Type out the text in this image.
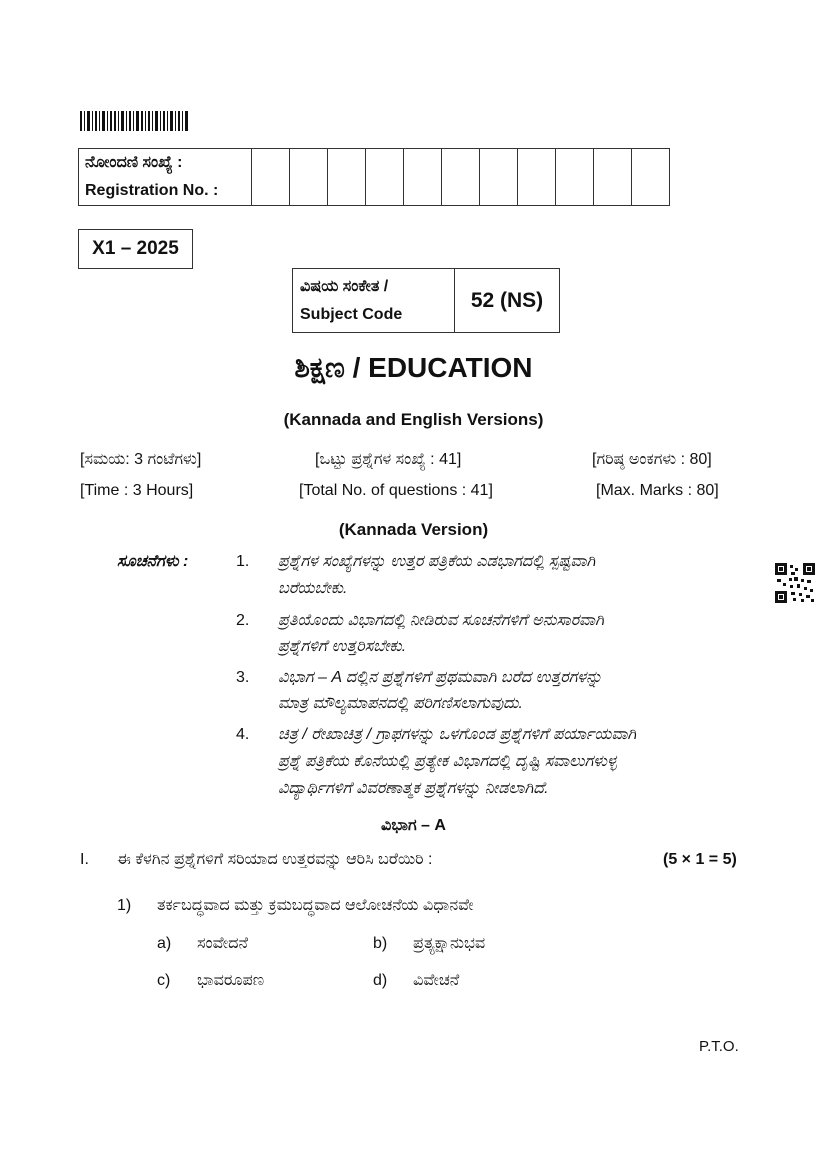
ನೋಂದಣಿ ಸಂಖ್ಯೆ :
Registration No. :

X1 – 2025
ವಿಷಯ ಸಂಕೇತ /
Subject Code
52 (NS)
ಶಿಕ್ಷಣ / EDUCATION
(Kannada and English Versions)
[ಸಮಯ: 3 ಗಂಟೆಗಳು]	[ಒಟ್ಟು ಪ್ರಶ್ನೆಗಳ ಸಂಖ್ಯೆ : 41]	[ಗರಿಷ್ಠ ಅಂಕಗಳು : 80]
[Time : 3 Hours]	[Total No. of questions : 41]	[Max. Marks : 80]
(Kannada Version)
ಸೂಚನೆಗಳು :	1. ಪ್ರಶ್ನೆಗಳ ಸಂಖ್ಯೆಗಳನ್ನು ಉತ್ತರ ಪತ್ರಿಕೆಯ ಎಡಭಾಗದಲ್ಲಿ ಸ್ಪಷ್ಟವಾಗಿ
ಬರೆಯಬೇಕು.
2. ಪ್ರತಿಯೊಂದು ವಿಭಾಗದಲ್ಲಿ ನೀಡಿರುವ ಸೂಚನೆಗಳಿಗೆ ಅನುಸಾರವಾಗಿ
ಪ್ರಶ್ನೆಗಳಿಗೆ ಉತ್ತರಿಸಬೇಕು.
3. ವಿಭಾಗ – A ದಲ್ಲಿನ ಪ್ರಶ್ನೆಗಳಿಗೆ ಪ್ರಥಮವಾಗಿ ಬರೆದ ಉತ್ತರಗಳನ್ನು
ಮಾತ್ರ ಮೌಲ್ಯಮಾಪನದಲ್ಲಿ ಪರಿಗಣಿಸಲಾಗುವುದು.
4. ಚಿತ್ರ / ರೇಖಾಚಿತ್ರ / ಗ್ರಾಫಗಳನ್ನು ಒಳಗೊಂಡ ಪ್ರಶ್ನೆಗಳಿಗೆ ಪರ್ಯಾಯವಾಗಿ
ಪ್ರಶ್ನೆ ಪತ್ರಿಕೆಯ ಕೊನೆಯಲ್ಲಿ ಪ್ರತ್ಯೇಕ ವಿಭಾಗದಲ್ಲಿ ದೃಷ್ಟಿ ಸವಾಲುಗಳುಳ್ಳ
ವಿದ್ಯಾರ್ಥಿಗಳಿಗೆ ವಿವರಣಾತ್ಮಕ ಪ್ರಶ್ನೆಗಳನ್ನು ನೀಡಲಾಗಿದೆ.
ವಿಭಾಗ – A
I. ಈ ಕೆಳಗಿನ ಪ್ರಶ್ನೆಗಳಿಗೆ ಸರಿಯಾದ ಉತ್ತರವನ್ನು ಆರಿಸಿ ಬರೆಯಿರಿ :	(5 × 1 = 5)
1) ತರ್ಕಬದ್ಧವಾದ ಮತ್ತು ಕ್ರಮಬದ್ಧವಾದ ಆಲೋಚನೆಯ ವಿಧಾನವೇ
a) ಸಂವೇದನೆ	b) ಪ್ರತ್ಯಕ್ಷಾನುಭವ
c) ಭಾವರೂಪಣ	d) ವಿವೇಚನೆ
P.T.O.
